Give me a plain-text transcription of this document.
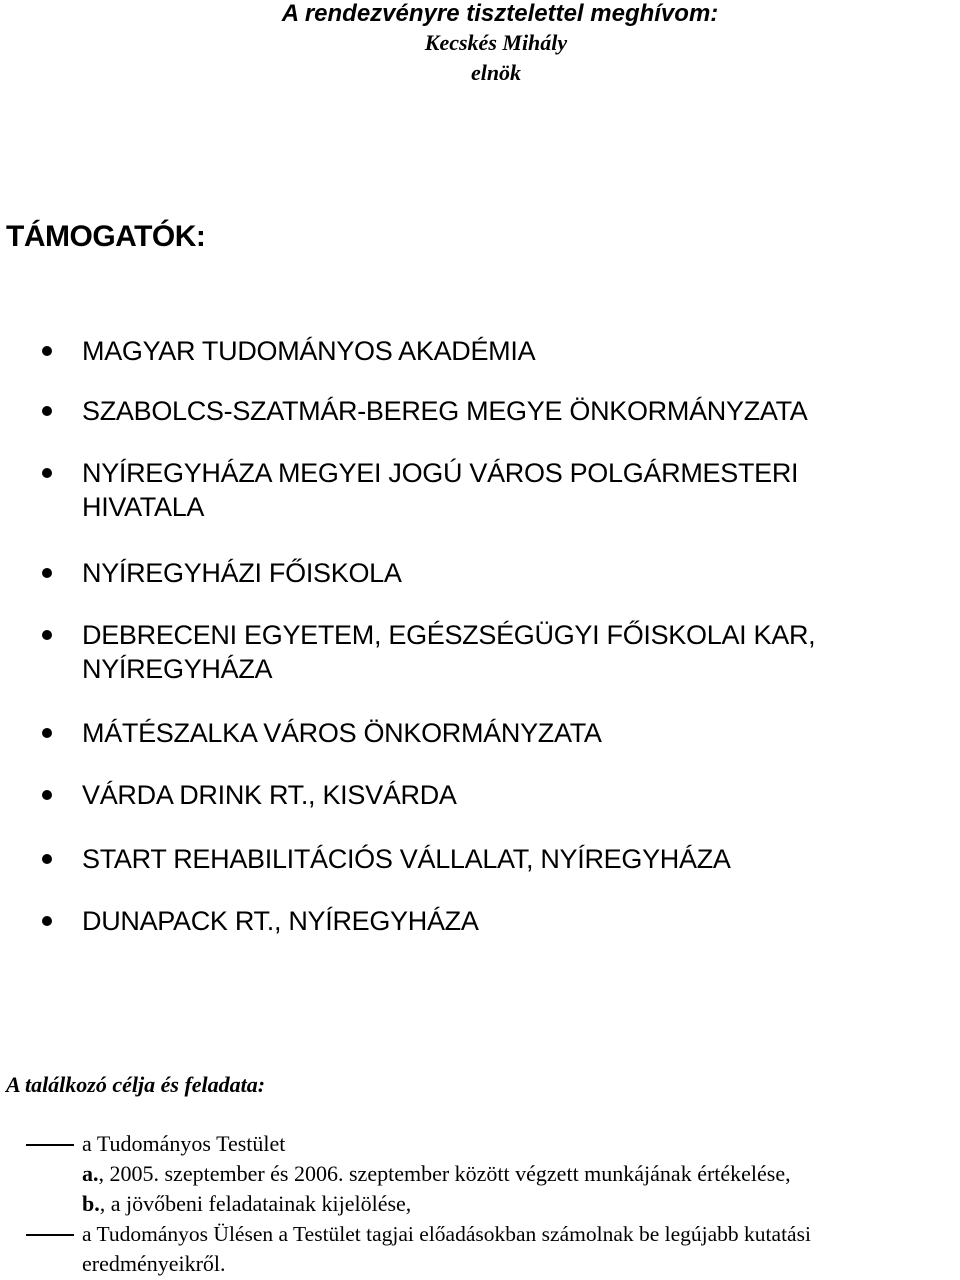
A rendezvényre tisztelettel meghívom:
Kecskés Mihály
elnök
TÁMOGATÓK:
MAGYAR TUDOMÁNYOS AKADÉMIA
SZABOLCS-SZATMÁR-BEREG MEGYE ÖNKORMÁNYZATA
NYÍREGYHÁZA MEGYEI JOGÚ VÁROS POLGÁRMESTERI
HIVATALA
NYÍREGYHÁZI FŐISKOLA
DEBRECENI EGYETEM, EGÉSZSÉGÜGYI FŐISKOLAI KAR,
NYÍREGYHÁZA
MÁTÉSZALKA VÁROS ÖNKORMÁNYZATA
VÁRDA DRINK RT., KISVÁRDA
START REHABILITÁCIÓS VÁLLALAT, NYÍREGYHÁZA
DUNAPACK RT., NYÍREGYHÁZA
A találkozó célja és feladata:
a Tudományos Testület
a., 2005. szeptember és 2006. szeptember között végzett munkájának értékelése,
b., a jövőbeni feladatainak kijelölése,
a Tudományos Ülésen a Testület tagjai előadásokban számolnak be legújabb kutatási
eredményeikről.
